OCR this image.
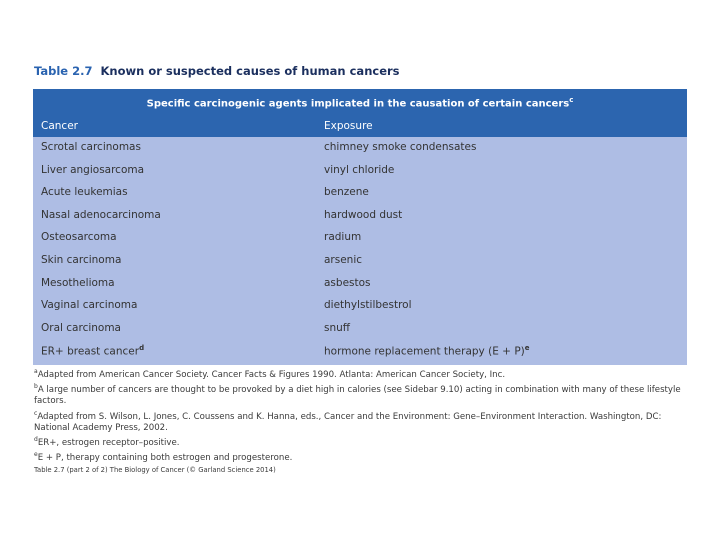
Table 2.7 Known or suspected causes of human cancers
Specific carcinogenic agents implicated in the causation of certain cancers$^c$
Cancer	Exposure
Scrotal carcinomas	chimney smoke condensates
Liver angiosarcoma	vinyl chloride
Acute leukemias	benzene
Nasal adenocarcinoma	hardwood dust
Osteosarcoma	radium
Skin carcinoma	arsenic
Mesothelioma	asbestos
Vaginal carcinoma	diethylstilbestrol
Oral carcinoma	snuff
ER+ breast cancer$^d$	hormone replacement therapy $(E + P)^e$

$^a$Adapted from American Cancer Society. Cancer Facts & Figures 1990. Atlanta: American Cancer Society, Inc.

$^b$A large number of cancers are thought to be provoked by a diet high in calories (see Sidebar 9.10) acting in combination with many of these lifestyle factors.

$^c$Adapted from S. Wilson, L. Jones, C. Coussens and K. Hanna, eds., Cancer and the Environment: Gene–Environment Interaction. Washington, DC: National Academy Press, 2002.

$^d$ER+, estrogen receptor–positive.

$^e$E + P, therapy containing both estrogen and progesterone.

Table 2.7 (part 2 of 2) The Biology of Cancer (© Garland Science 2014)
